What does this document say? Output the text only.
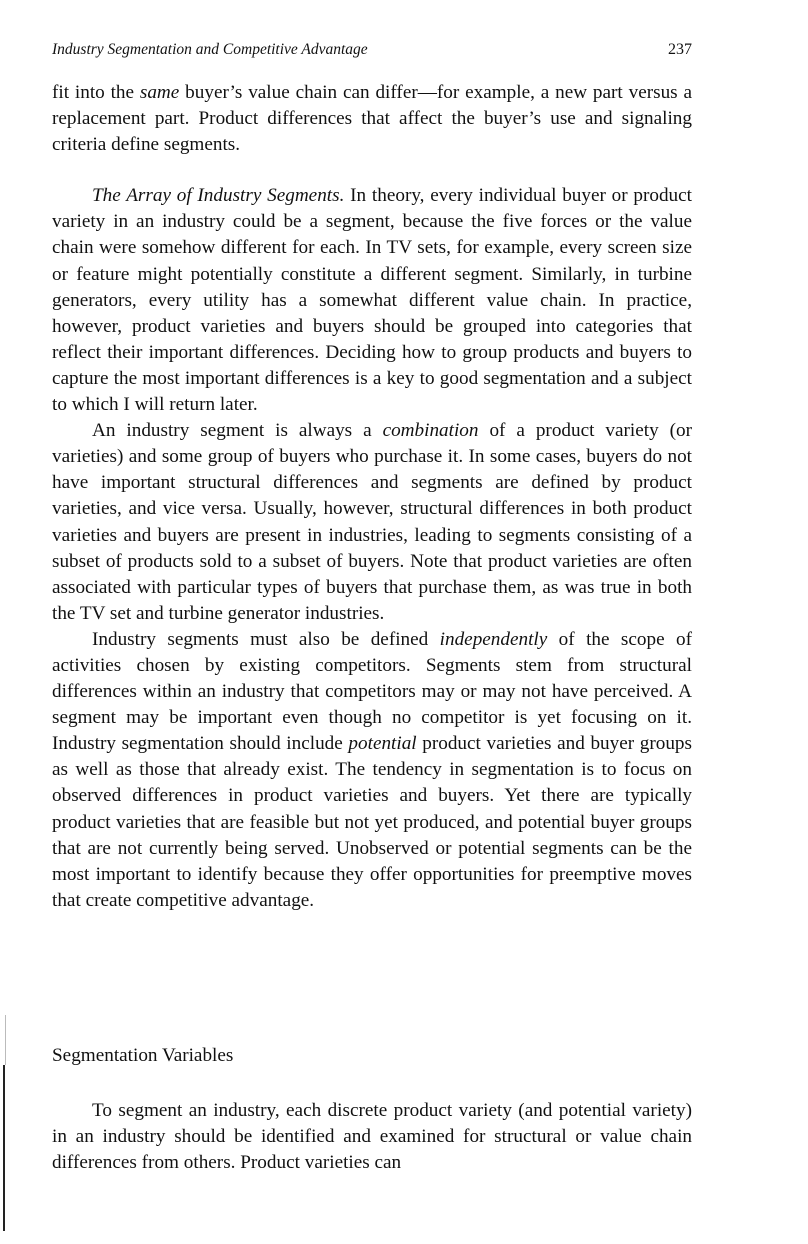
Industry Segmentation and Competitive Advantage	237

fit into the same buyer’s value chain can differ—for example, a new part versus a replacement part. Product differences that affect the buyer’s use and signaling criteria define segments.

The Array of Industry Segments. In theory, every individual buyer or product variety in an industry could be a segment, because the five forces or the value chain were somehow different for each. In TV sets, for example, every screen size or feature might potentially constitute a different segment. Similarly, in turbine generators, every utility has a somewhat different value chain. In practice, however, product varieties and buyers should be grouped into categories that reflect their important differences. Deciding how to group products and buyers to capture the most important differences is a key to good segmentation and a subject to which I will return later.

An industry segment is always a combination of a product variety (or varieties) and some group of buyers who purchase it. In some cases, buyers do not have important structural differences and segments are defined by product varieties, and vice versa. Usually, however, structural differences in both product varieties and buyers are present in industries, leading to segments consisting of a subset of products sold to a subset of buyers. Note that product varieties are often associated with particular types of buyers that purchase them, as was true in both the TV set and turbine generator industries.

Industry segments must also be defined independently of the scope of activities chosen by existing competitors. Segments stem from structural differences within an industry that competitors may or may not have perceived. A segment may be important even though no competitor is yet focusing on it. Industry segmentation should include potential product varieties and buyer groups as well as those that already exist. The tendency in segmentation is to focus on observed differences in product varieties and buyers. Yet there are typically product varieties that are feasible but not yet produced, and potential buyer groups that are not currently being served. Unobserved or potential segments can be the most important to identify because they offer opportunities for preemptive moves that create competitive advantage.

Segmentation Variables

To segment an industry, each discrete product variety (and potential variety) in an industry should be identified and examined for structural or value chain differences from others. Product varieties can
